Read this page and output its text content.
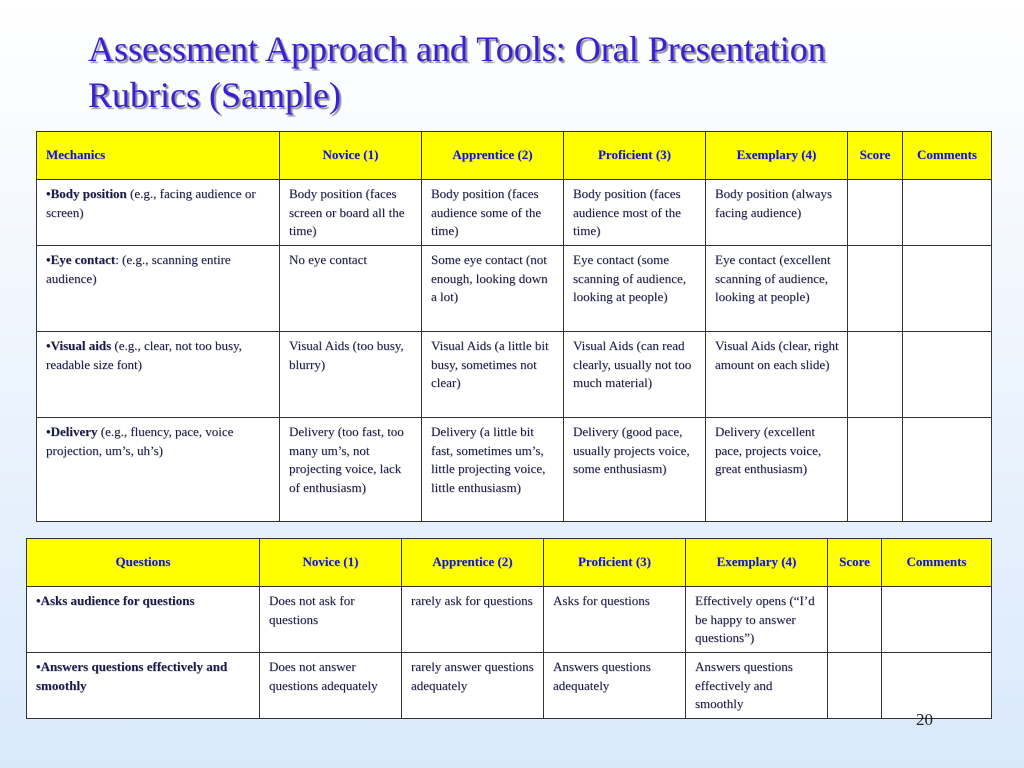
Assessment Approach and Tools: Oral Presentation
Rubrics (Sample)
Mechanics	Novice (1)	Apprentice (2)	Proficient (3)	Exemplary (4)	Score	Comments
•Body position (e.g., facing audience or screen)	Body position (faces screen or board all the time)	Body position (faces audience some of the time)	Body position (faces audience most of the time)	Body position (always facing audience)		
•Eye contact: (e.g., scanning entire audience)	No eye contact	Some eye contact (not enough, looking down a lot)	Eye contact (some scanning of audience, looking at people)	Eye contact (excellent scanning of audience, looking at people)		
•Visual aids (e.g., clear, not too busy, readable size font)	Visual Aids (too busy, blurry)	Visual Aids (a little bit busy, sometimes not clear)	Visual Aids (can read clearly, usually not too much material)	Visual Aids (clear, right amount on each slide)		
•Delivery (e.g., fluency, pace, voice projection, um’s, uh’s)	Delivery (too fast, too many um’s, not projecting voice, lack of enthusiasm)	Delivery (a little bit fast, sometimes um’s, little projecting voice, little enthusiasm)	Delivery (good pace, usually projects voice, some enthusiasm)	Delivery (excellent pace, projects voice, great enthusiasm)		
Questions	Novice (1)	Apprentice (2)	Proficient (3)	Exemplary (4)	Score	Comments
•Asks audience for questions	Does not ask for questions	rarely ask for questions	Asks for questions	Effectively opens (“I’d be happy to answer questions”)		
•Answers questions effectively and smoothly	Does not answer questions adequately	rarely answer questions adequately	Answers questions adequately	Answers questions effectively and smoothly		
20
